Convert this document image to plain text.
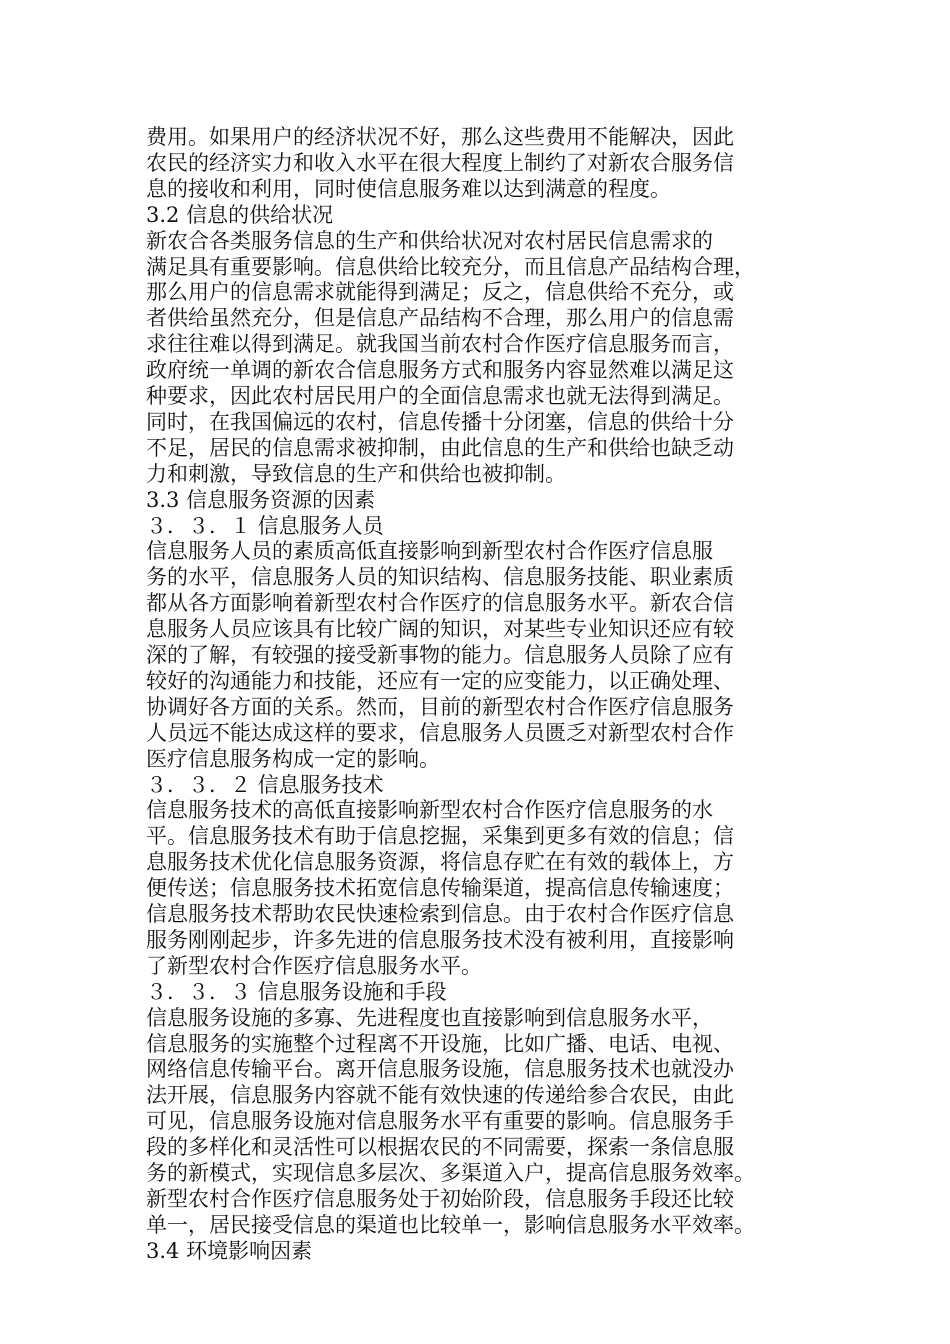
费用。如果用户的经济状况不好，那么这些费用不能解决，因此
农民的经济实力和收入水平在很大程度上制约了对新农合服务信
息的接收和利用，同时使信息服务难以达到满意的程度。
3.2 信息的供给状况
新农合各类服务信息的生产和供给状况对农村居民信息需求的
满足具有重要影响。信息供给比较充分，而且信息产品结构合理，
那么用户的信息需求就能得到满足；反之，信息供给不充分，或
者供给虽然充分，但是信息产品结构不合理，那么用户的信息需
求往往难以得到满足。就我国当前农村合作医疗信息服务而言，
政府统一单调的新农合信息服务方式和服务内容显然难以满足这
种要求，因此农村居民用户的全面信息需求也就无法得到满足。
同时，在我国偏远的农村，信息传播十分闭塞，信息的供给十分
不足，居民的信息需求被抑制，由此信息的生产和供给也缺乏动
力和刺激，导致信息的生产和供给也被抑制。
3.3 信息服务资源的因素
３．３．１ 信息服务人员
信息服务人员的素质高低直接影响到新型农村合作医疗信息服
务的水平，信息服务人员的知识结构、信息服务技能、职业素质
都从各方面影响着新型农村合作医疗的信息服务水平。新农合信
息服务人员应该具有比较广阔的知识，对某些专业知识还应有较
深的了解，有较强的接受新事物的能力。信息服务人员除了应有
较好的沟通能力和技能，还应有一定的应变能力，以正确处理、
协调好各方面的关系。然而，目前的新型农村合作医疗信息服务
人员远不能达成这样的要求，信息服务人员匮乏对新型农村合作
医疗信息服务构成一定的影响。
３．３．２ 信息服务技术
信息服务技术的高低直接影响新型农村合作医疗信息服务的水
平。信息服务技术有助于信息挖掘，采集到更多有效的信息；信
息服务技术优化信息服务资源，将信息存贮在有效的载体上，方
便传送；信息服务技术拓宽信息传输渠道，提高信息传输速度；
信息服务技术帮助农民快速检索到信息。由于农村合作医疗信息
服务刚刚起步，许多先进的信息服务技术没有被利用，直接影响
了新型农村合作医疗信息服务水平。
３．３．３ 信息服务设施和手段
信息服务设施的多寡、先进程度也直接影响到信息服务水平，
信息服务的实施整个过程离不开设施，比如广播、电话、电视、
网络信息传输平台。离开信息服务设施，信息服务技术也就没办
法开展，信息服务内容就不能有效快速的传递给参合农民，由此
可见，信息服务设施对信息服务水平有重要的影响。信息服务手
段的多样化和灵活性可以根据农民的不同需要，探索一条信息服
务的新模式，实现信息多层次、多渠道入户，提高信息服务效率。
新型农村合作医疗信息服务处于初始阶段，信息服务手段还比较
单一，居民接受信息的渠道也比较单一，影响信息服务水平效率。
3.4 环境影响因素
